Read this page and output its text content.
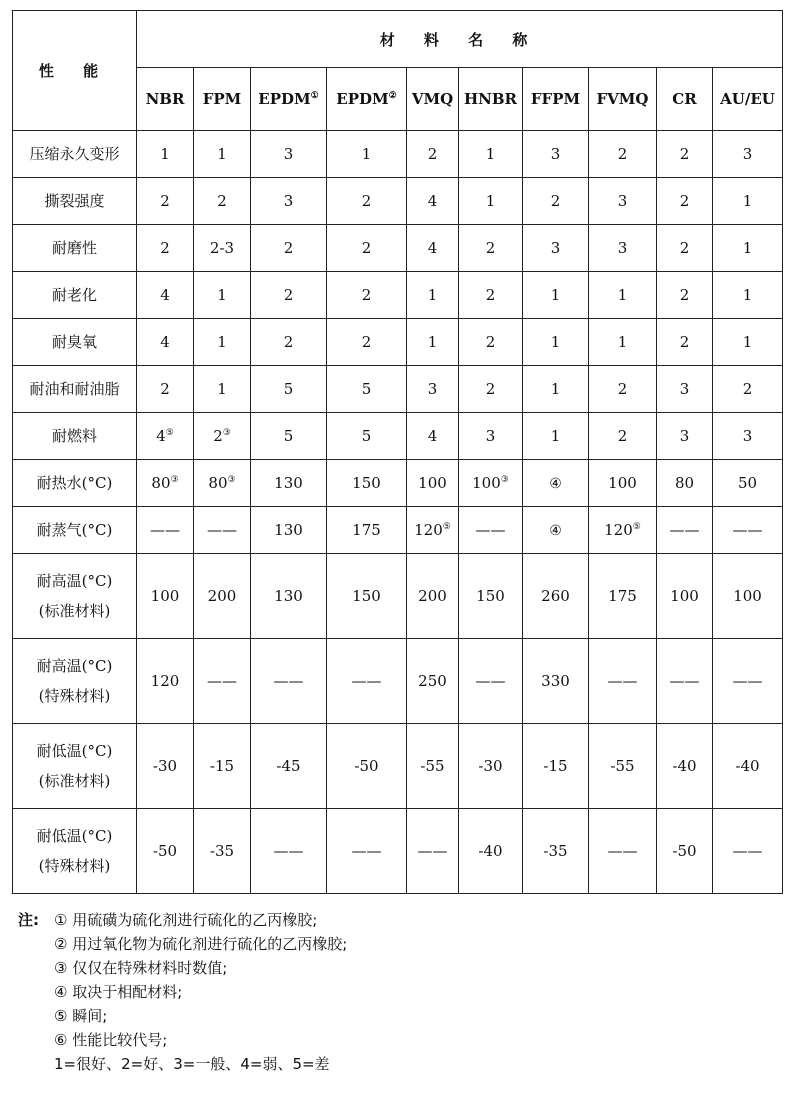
性 能	材 料 名 称									
	NBR	FPM	EPDM①	EPDM②	VMQ	HNBR	FFPM	FVMQ	CR	AU/EU

压缩永久变形	1	1	3	1	2	1	3	2	2	3

撕裂强度	2	2	3	2	4	1	2	3	2	1

耐磨性	2	2-3	2	2	4	2	3	3	2	1

耐老化	4	1	2	2	1	2	1	1	2	1

耐臭氧	4	1	2	2	1	2	1	1	2	1

耐油和耐油脂	2	1	5	5	3	2	1	2	3	2

耐燃料	4⑤	2③	5	5	4	3	1	2	3	3

耐热水(°C)	80③	80③	130	150	100	100③	④	100	80	50

耐蒸气(°C)	——	——	130	175	120⑤	——	④	120⑤	——	——

耐高温(°C)
(标准材料)	100	200	130	150	200	150	260	175	100	100

耐高温(°C)
(特殊材料)	120	——	——	——	250	——	330	——	——	——

耐低温(°C)
(标准材料)	-30	-15	-45	-50	-55	-30	-15	-55	-40	-40

耐低温(°C)
(特殊材料)	-50	-35	——	——	——	-40	-35	——	-50	——
注:	① 用硫磺为硫化剂进行硫化的乙丙橡胶;
② 用过氧化物为硫化剂进行硫化的乙丙橡胶;
③ 仅仅在特殊材料时数值;
④ 取决于相配材料;
⑤ 瞬间;
⑥ 性能比较代号;
1=很好、2=好、3=一般、4=弱、5=差
